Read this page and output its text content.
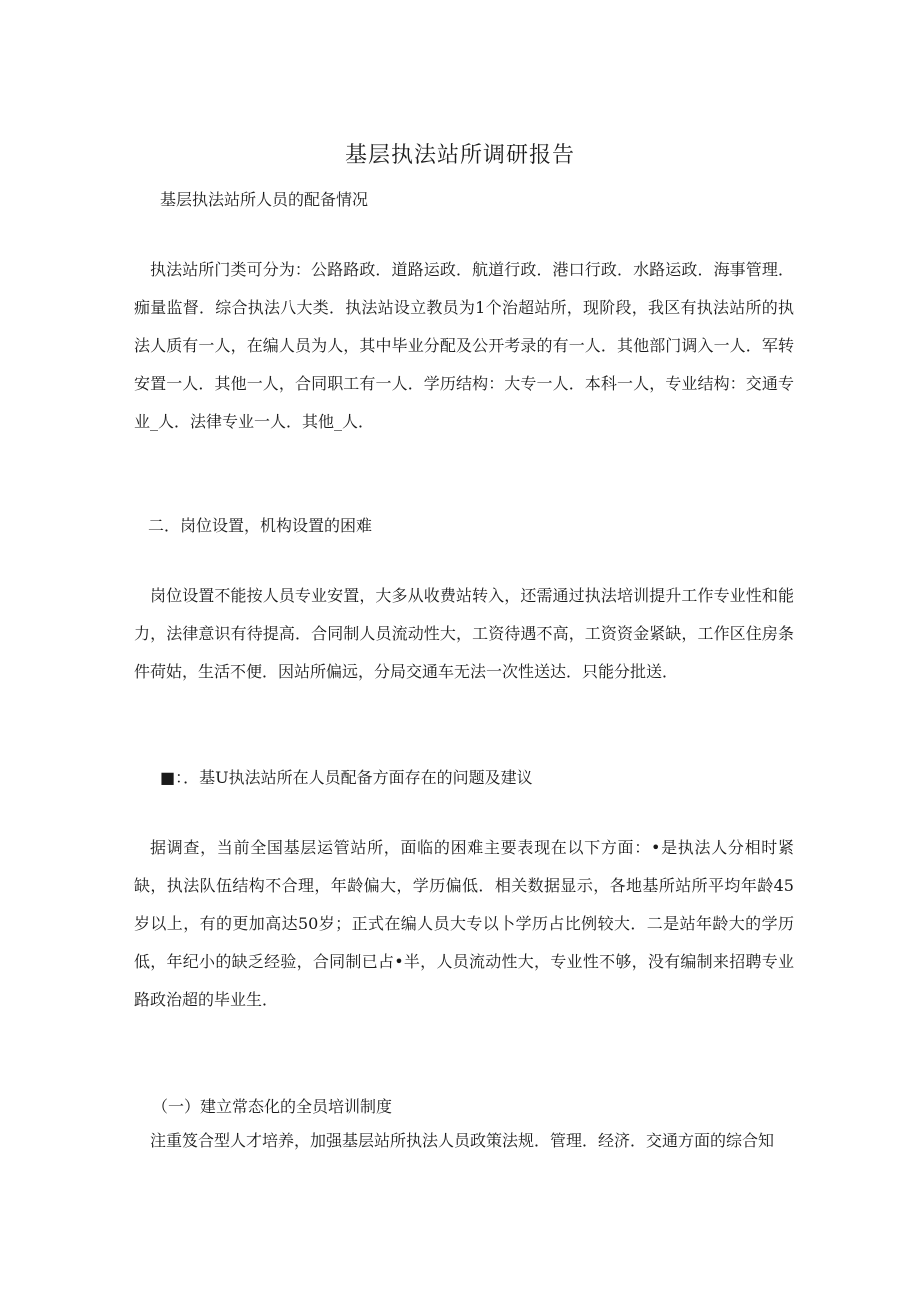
基层执法站所调研报告
基层执法站所人员的配备情况
执法站所门类可分为：公路路政．道路运政．航道行政．港口行政．水路运政．海事管理．痂量监督．综合执法八大类．执法站设立教员为1个治超站所，现阶段，我区有执法站所的执法人质有一人，在编人员为人，其中毕业分配及公开考录的有一人．其他部门调入一人．军转安置一人．其他一人，合同职工有一人．学历结构：大专一人．本科一人，专业结构：交通专业_人．法律专业一人．其他_人．
二．岗位设置，机构设置的困难
岗位设置不能按人员专业安置，大多从收费站转入，还需通过执法培训提升工作专业性和能力，法律意识有待提高．合同制人员流动性大，工资待遇不高，工资资金紧缺，工作区住房条件荷姑，生活不便．因站所偏远，分局交通车无法一次性送达．只能分批送．
■：．基U执法站所在人员配备方面存在的问题及建议
据调查，当前全国基层运管站所，面临的困难主要表现在以下方面：•是执法人分相时紧缺，执法队伍结构不合理，年龄偏大，学历偏低．相关数据显示，各地基所站所平均年龄45岁以上，有的更加高达50岁；正式在编人员大专以卜学历占比例较大．二是站年龄大的学历低，年纪小的缺乏经验，合同制已占•半，人员流动性大，专业性不够，没有编制来招聘专业路政治超的毕业生．
（一）建立常态化的全员培训制度
注重笈合型人才培养，加强基层站所执法人员政策法规．管理．经济．交通方面的综合知
